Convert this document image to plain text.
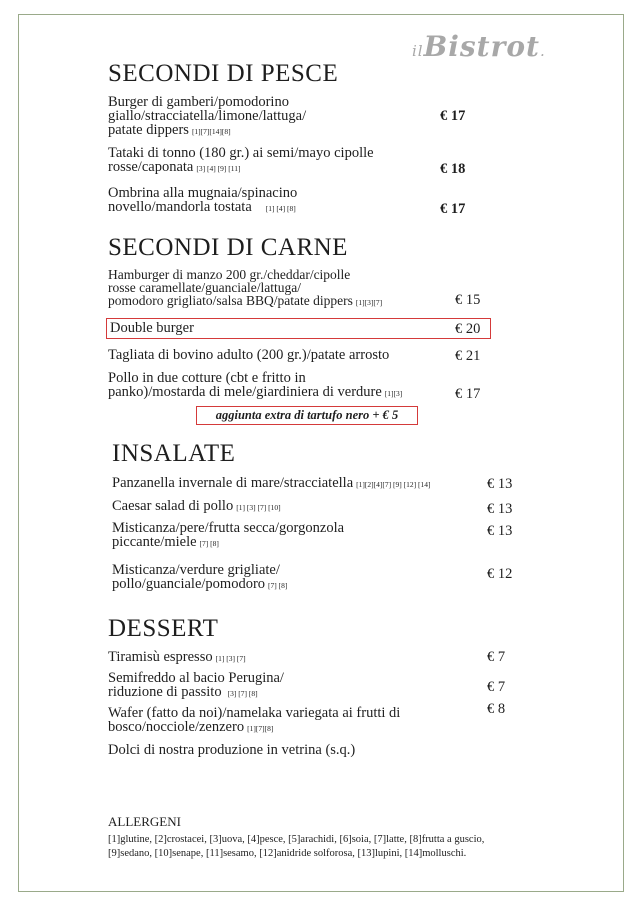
ilBistrot.
SECONDI DI PESCE
Burger di gamberi/pomodorino
giallo/stracciatella/limone/lattuga/
patate dippers [1][7][14][8]
€ 17
Tataki di tonno (180 gr.) ai semi/mayo cipolle
rosse/caponata [3] [4] [9] [11]	€ 18
Ombrina alla mugnaia/spinacino
novello/mandorla tostata [1] [4] [8]	€ 17
SECONDI DI CARNE
Hamburger di manzo 200 gr./cheddar/cipolle
rosse caramellate/guanciale/lattuga/
pomodoro grigliato/salsa BBQ/patate dippers [1][3][7]	€ 15
Double burger	€ 20
Tagliata di bovino adulto (200 gr.)/patate arrosto	€ 21
Pollo in due cotture (cbt e fritto in
panko)/mostarda di mele/giardiniera di verdure [1][3]	€ 17
aggiunta extra di tartufo nero + € 5
INSALATE
Panzanella invernale di mare/stracciatella [1][2][4][7] [9] [12] [14]	€ 13
Caesar salad di pollo [1] [3] [7] [10]	€ 13
Misticanza/pere/frutta secca/gorgonzola
piccante/miele [7] [8]
€ 13
Misticanza/verdure grigliate/
pollo/guanciale/pomodoro [7] [8]
€ 12
DESSERT
Tiramisù espresso [1] [3] [7]	€ 7
Semifreddo al bacio Perugina/
riduzione di passito [3] [7] [8]	€ 7
Wafer (fatto da noi)/namelaka variegata ai frutti di
bosco/nocciole/zenzero [1][7][8]
€ 8
Dolci di nostra produzione in vetrina (s.q.)
ALLERGENI
[1]glutine, [2]crostacei, [3]uova, [4]pesce, [5]arachidi, [6]soia, [7]latte, [8]frutta a guscio, [9]sedano, [10]senape, [11]sesamo, [12]anidride solforosa, [13]lupini, [14]molluschi.
